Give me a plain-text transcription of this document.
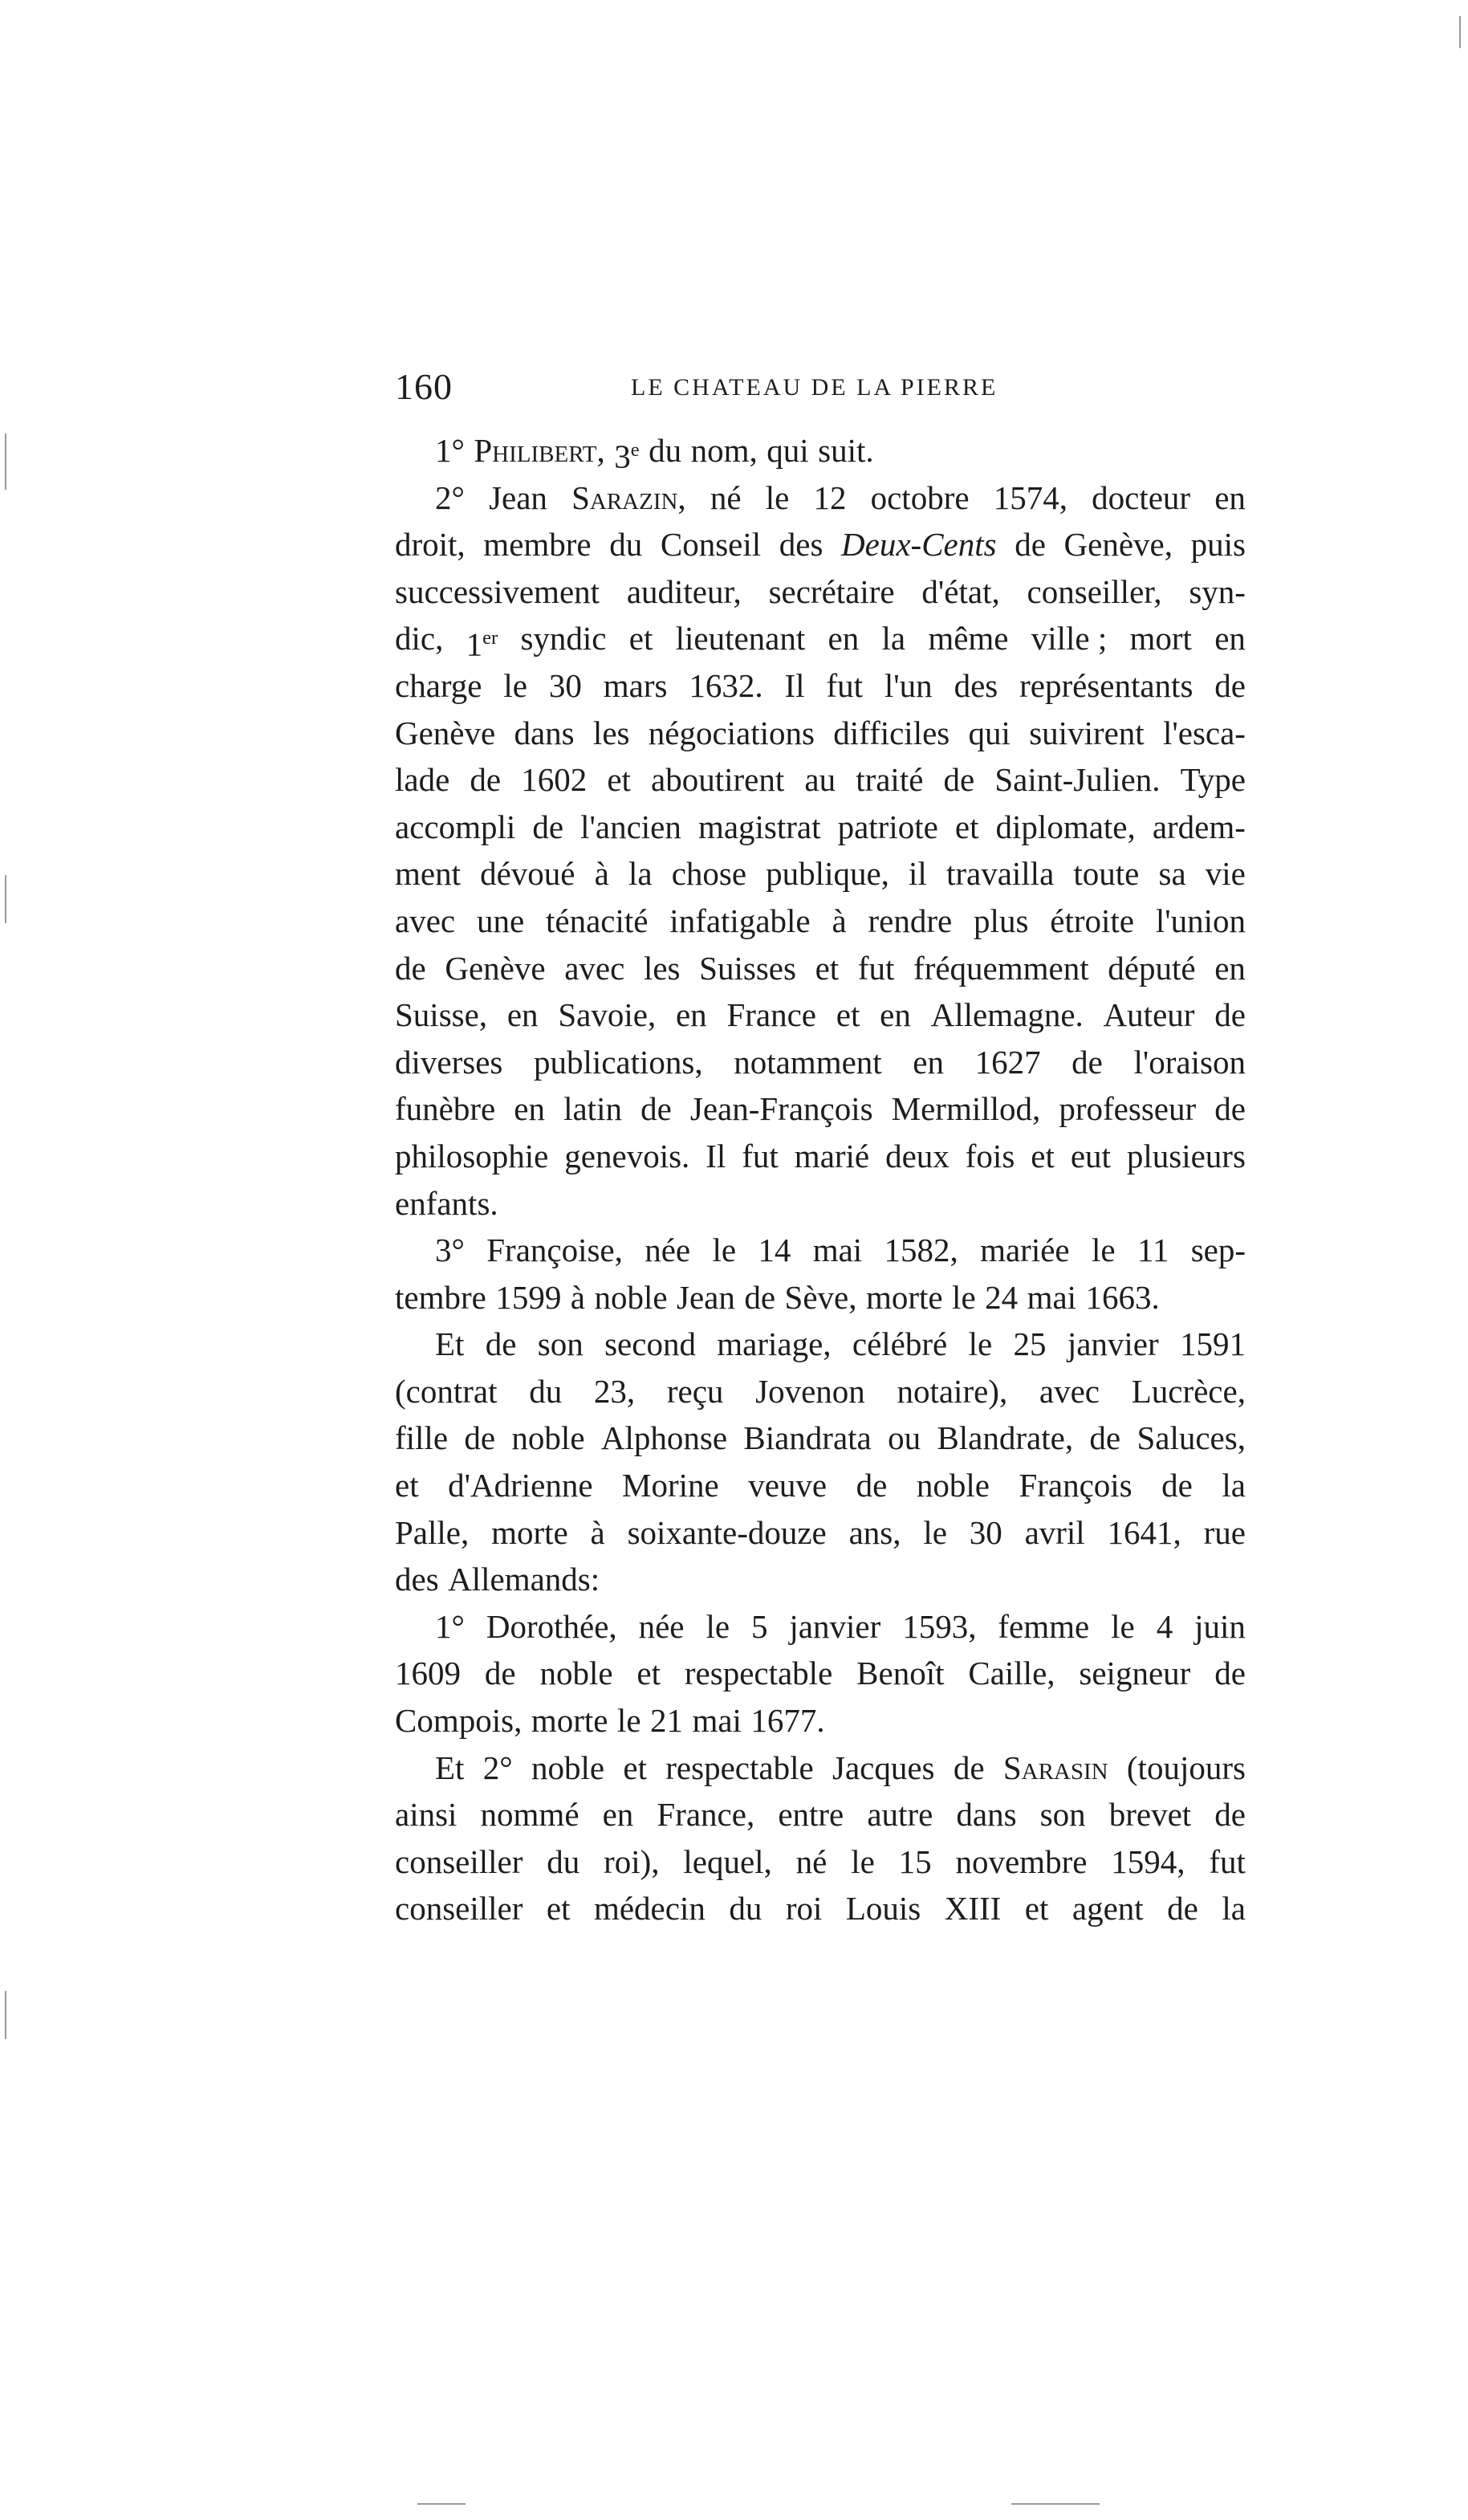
160	LE CHATEAU DE LA PIERRE
1° Philibert, 3e du nom, qui suit.
2° Jean Sarazin, né le 12 octobre 1574, docteur en
droit, membre du Conseil des Deux-Cents de Genève, puis
successivement auditeur, secrétaire d'état, conseiller, syn-
dic, 1er syndic et lieutenant en la même ville ; mort en
charge le 30 mars 1632. Il fut l'un des représentants de
Genève dans les négociations difficiles qui suivirent l'esca-
lade de 1602 et aboutirent au traité de Saint-Julien. Type
accompli de l'ancien magistrat patriote et diplomate, ardem-
ment dévoué à la chose publique, il travailla toute sa vie
avec une ténacité infatigable à rendre plus étroite l'union
de Genève avec les Suisses et fut fréquemment député en
Suisse, en Savoie, en France et en Allemagne. Auteur de
diverses publications, notamment en 1627 de l'oraison
funèbre en latin de Jean-François Mermillod, professeur de
philosophie genevois. Il fut marié deux fois et eut plusieurs
enfants.
3° Françoise, née le 14 mai 1582, mariée le 11 sep-
tembre 1599 à noble Jean de Sève, morte le 24 mai 1663.
Et de son second mariage, célébré le 25 janvier 1591
(contrat du 23, reçu Jovenon notaire), avec Lucrèce,
fille de noble Alphonse Biandrata ou Blandrate, de Saluces,
et d'Adrienne Morine veuve de noble François de la
Palle, morte à soixante-douze ans, le 30 avril 1641, rue
des Allemands:
1° Dorothée, née le 5 janvier 1593, femme le 4 juin
1609 de noble et respectable Benoît Caille, seigneur de
Compois, morte le 21 mai 1677.
Et 2° noble et respectable Jacques de Sarasin (toujours
ainsi nommé en France, entre autre dans son brevet de
conseiller du roi), lequel, né le 15 novembre 1594, fut
conseiller et médecin du roi Louis XIII et agent de la
